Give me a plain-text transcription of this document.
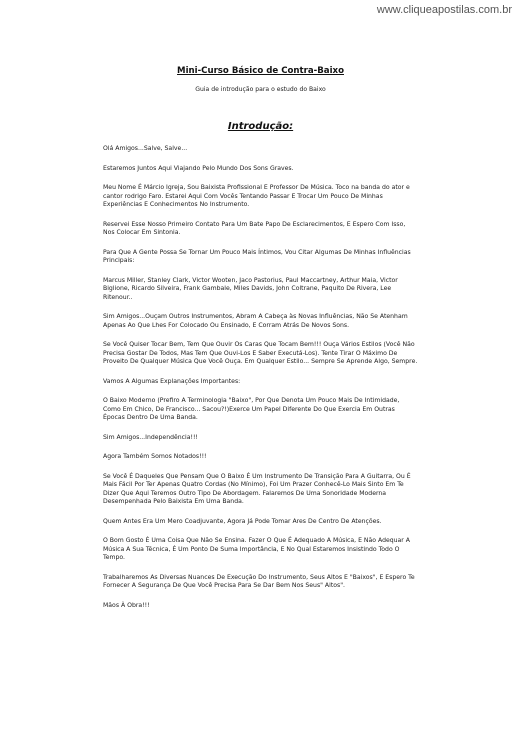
www.cliqueapostilas.com.br
Mini-Curso Básico de Contra-Baixo
Guia de introdução para o estudo do Baixo
Introdução:

Olá Amigos...Salve, Salve...

Estaremos Juntos Aqui Viajando Pelo Mundo Dos Sons Graves.

Meu Nome É Márcio Igreja, Sou Baixista Profissional E Professor De Música. Toco na banda do ator e cantor rodrigo Faro. Estarei Aqui Com Vocês Tentando Passar E Trocar Um Pouco De Minhas Experiências E Conhecimentos No Instrumento.

Reservei Esse Nosso Primeiro Contato Para Um Bate Papo De Esclarecimentos, E Espero Com Isso, Nos Colocar Em Sintonia.

Para Que A Gente Possa Se Tornar Um Pouco Mais Íntimos, Vou Citar Algumas De Minhas Influências Principais:

Marcus Miller, Stanley Clark, Victor Wooten, Jaco Pastorius, Paul Maccartney, Arthur Maia, Victor Biglione, Ricardo Silveira, Frank Gambale, Miles Davids, John Coltrane, Paquito De Rivera, Lee Ritenour..

Sim Amigos...Ouçam Outros Instrumentos, Abram A Cabeça às Novas Influências, Não Se Atenham Apenas Ao Que Lhes For Colocado Ou Ensinado, E Corram Atrás De Novos Sons.

Se Você Quiser Tocar Bem, Tem Que Ouvir Os Caras Que Tocam Bem!!! Ouça Vários Estilos (Você Não Precisa Gostar De Todos, Mas Tem Que Ouvi-Los E Saber Executá-Los). Tente Tirar O Máximo De Proveito De Qualquer Música Que Você Ouça. Em Qualquer Estilo... Sempre Se Aprende Algo, Sempre.

Vamos A Algumas Explanações Importantes:

O Baixo Moderno (Prefiro A Terminologia "Baixo", Por Que Denota Um Pouco Mais De Intimidade, Como Em Chico, De Francisco... Sacou?!)Exerce Um Papel Diferente Do Que Exercia Em Outras Épocas Dentro De Uma Banda.

Sim Amigos...Independência!!!

Agora Também Somos Notados!!!

Se Você É Daqueles Que Pensam Que O Baixo É Um Instrumento De Transição Para A Guitarra, Ou É Mais Fácil Por Ter Apenas Quatro Cordas (No Mínimo), Foi Um Prazer Conhecê-Lo Mais Sinto Em Te Dizer Que Aqui Teremos Outro Tipo De Abordagem. Falaremos De Uma Sonoridade Moderna Desempenhada Pelo Baixista Em Uma Banda.

Quem Antes Era Um Mero Coadjuvante, Agora Já Pode Tomar Ares De Centro De Atenções.

O Bom Gosto É Uma Coisa Que Não Se Ensina. Fazer O Que É Adequado A Música, E Não Adequar A Música A Sua Técnica, É Um Ponto De Suma Importância, E No Qual Estaremos Insistindo Todo O Tempo.

Trabalharemos As Diversas Nuances De Execução Do Instrumento, Seus Altos E "Baixos", E Espero Te Fornecer A Segurança De Que Você Precisa Para Se Dar Bem Nos Seus" Altos".

Mãos À Obra!!!
